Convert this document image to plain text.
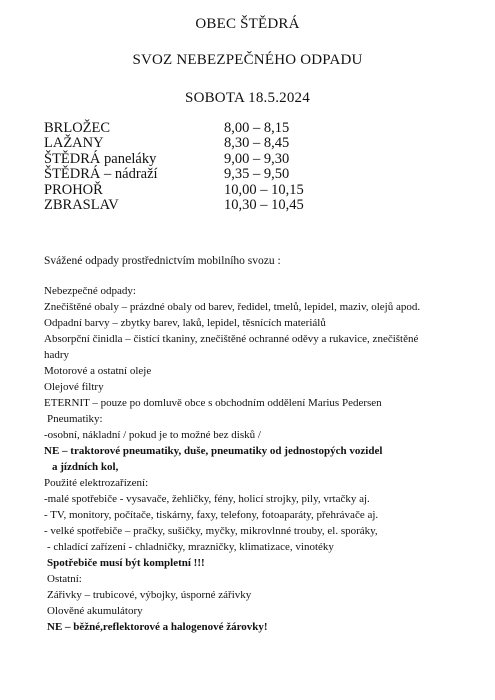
OBEC ŠTĚDRÁ
SVOZ NEBEZPEČNÉHO ODPADU
SOBOTA 18.5.2024
BRLOŽEC	8,00 – 8,15
LAŽANY	8,30 – 8,45
ŠTĚDRÁ paneláky	9,00 – 9,30
ŠTĚDRÁ – nádraží	9,35 – 9,50
PROHOŘ	10,00 – 10,15
ZBRASLAV	10,30 – 10,45
Svážené odpady prostřednictvím mobilního svozu :
Nebezpečné odpady:
Znečištěné obaly – prázdné obaly od barev, ředidel, tmelů, lepidel, maziv, olejů apod.
Odpadní barvy – zbytky barev, laků, lepidel, těsnících materiálů
Absorpční činidla – čistící tkaniny, znečištěné ochranné oděvy a rukavice, znečištěné
hadry
Motorové a ostatní oleje
Olejové filtry
ETERNIT – pouze po domluvě obce s obchodním oddělení Marius Pedersen
Pneumatiky:
-osobní, nákladní / pokud je to možné bez disků /
NE – traktorové pneumatiky, duše, pneumatiky od jednostopých vozidel
a jízdních kol,
Použité elektrozařízení:
-malé spotřebiče - vysavače, žehličky, fény, holicí strojky, pily, vrtačky aj.
- TV, monitory, počítače, tiskárny, faxy, telefony, fotoaparáty, přehrávače aj.
- velké spotřebiče – pračky, sušičky, myčky, mikrovlnné trouby, el. sporáky,
- chladící zařízení - chladničky, mrazničky, klimatizace, vinotéky
Spotřebiče musí být kompletní !!!
Ostatní:
Zářivky – trubicové, výbojky, úsporné zářivky
Olověné akumulátory
NE – běžné,reflektorové a halogenové žárovky!
